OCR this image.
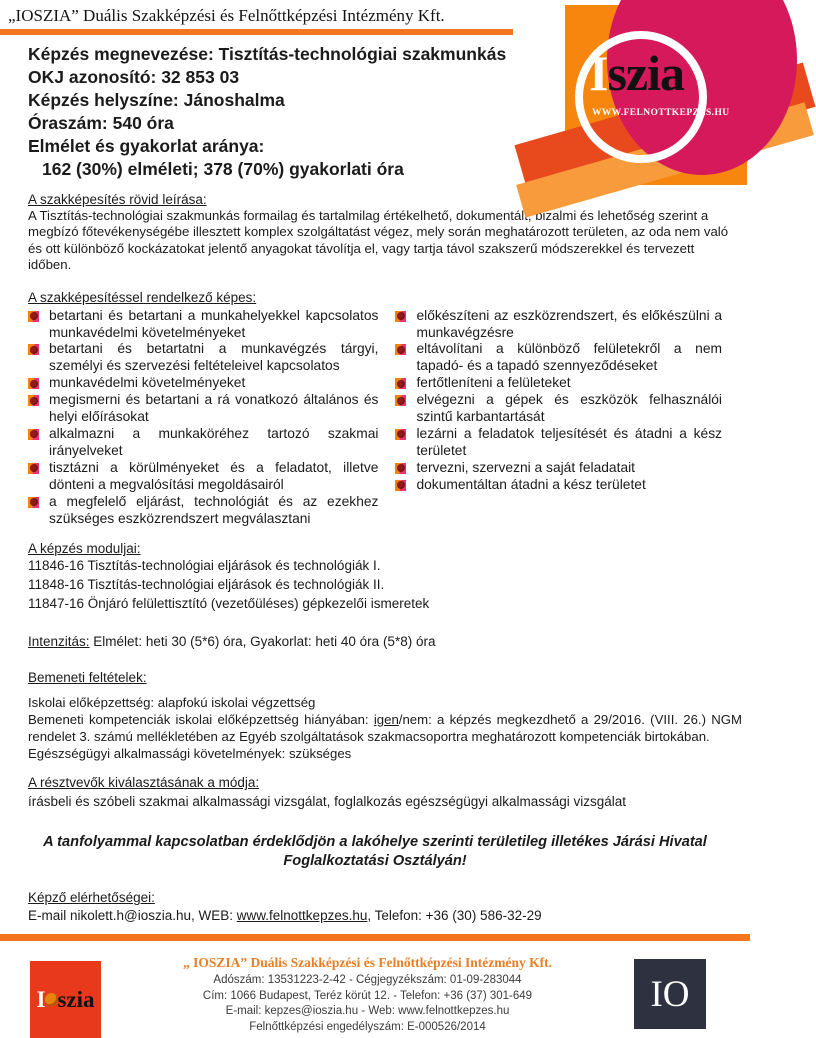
„IOSZIA” Duális Szakképzési és Felnőttképzési Intézmény Kft.
Iszia
WWW.FELNOTTKEPZES.HU
Képzés megnevezése: Tisztítás-technológiai szakmunkás
OKJ azonosító: 32 853 03
Képzés helyszíne: Jánoshalma
Óraszám: 540 óra
Elmélet és gyakorlat aránya:
162 (30%) elméleti; 378 (70%) gyakorlati óra
A szakképesítés rövid leírása:
A Tisztítás-technológiai szakmunkás formailag és tartalmilag értékelhető, dokumentált, bizalmi és lehetőség szerint a megbízó főtevékenységébe illesztett komplex szolgáltatást végez, mely során meghatározott területen, az oda nem való és ott különböző kockázatokat jelentő anyagokat távolítja el, vagy tartja távol szakszerű módszerekkel és tervezett időben.
A szakképesítéssel rendelkező képes:
betartani és betartani a munkahelyekkel kapcsolatos munkavédelmi követelményeket
betartani és betartatni a munkavégzés tárgyi, személyi és szervezési feltételeivel kapcsolatos
munkavédelmi követelményeket
megismerni és betartani a rá vonatkozó általános és helyi előírásokat
alkalmazni a munkaköréhez tartozó szakmai irányelveket
tisztázni a körülményeket és a feladatot, illetve dönteni a megvalósítási megoldásairól
a megfelelő eljárást, technológiát és az ezekhez szükséges eszközrendszert megválasztani
előkészíteni az eszközrendszert, és előkészülni a munkavégzésre
eltávolítani a különböző felületekről a nem tapadó- és a tapadó szennyeződéseket
fertőtleníteni a felületeket
elvégezni a gépek és eszközök felhasználói szintű karbantartását
lezárni a feladatok teljesítését és átadni a kész területet
tervezni, szervezni a saját feladatait
dokumentáltan átadni a kész területet
A képzés moduljai:
11846-16 Tisztítás-technológiai eljárások és technológiák I.
11848-16 Tisztítás-technológiai eljárások és technológiák II.
11847-16 Önjáró felülettisztító (vezetőüléses) gépkezelői ismeretek
Intenzitás: Elmélet: heti 30 (5*6) óra, Gyakorlat: heti 40 óra (5*8) óra
Bemeneti feltételek:
Iskolai előképzettség: alapfokú iskolai végzettség
Bemeneti kompetenciák iskolai előképzettség hiányában: igen/nem: a képzés megkezdhető a 29/2016. (VIII. 26.) NGM rendelet 3. számú mellékletében az Egyéb szolgáltatások szakmacsoportra meghatározott kompetenciák birtokában.
Egészségügyi alkalmassági követelmények: szükséges
A résztvevők kiválasztásának a módja:
írásbeli és szóbeli szakmai alkalmassági vizsgálat, foglalkozás egészségügyi alkalmassági vizsgálat
A tanfolyammal kapcsolatban érdeklődjön a lakóhelye szerinti területileg illetékes Járási Hivatal Foglalkoztatási Osztályán!
Képző elérhetőségei:
E-mail nikolett.h@ioszia.hu, WEB: www.felnottkepzes.hu, Telefon: +36 (30) 586-32-29
I szia
„ IOSZIA” Duális Szakképzési és Felnőttképzési Intézmény Kft.
Adószám: 13531223-2-42 - Cégjegyzékszám: 01-09-283044
Cím: 1066 Budapest, Teréz körút 12. - Telefon: +36 (37) 301-649
E-mail: kepzes@ioszia.hu - Web: www.felnottkepzes.hu
Felnőttképzési engedélyszám: E-000526/2014
IO
